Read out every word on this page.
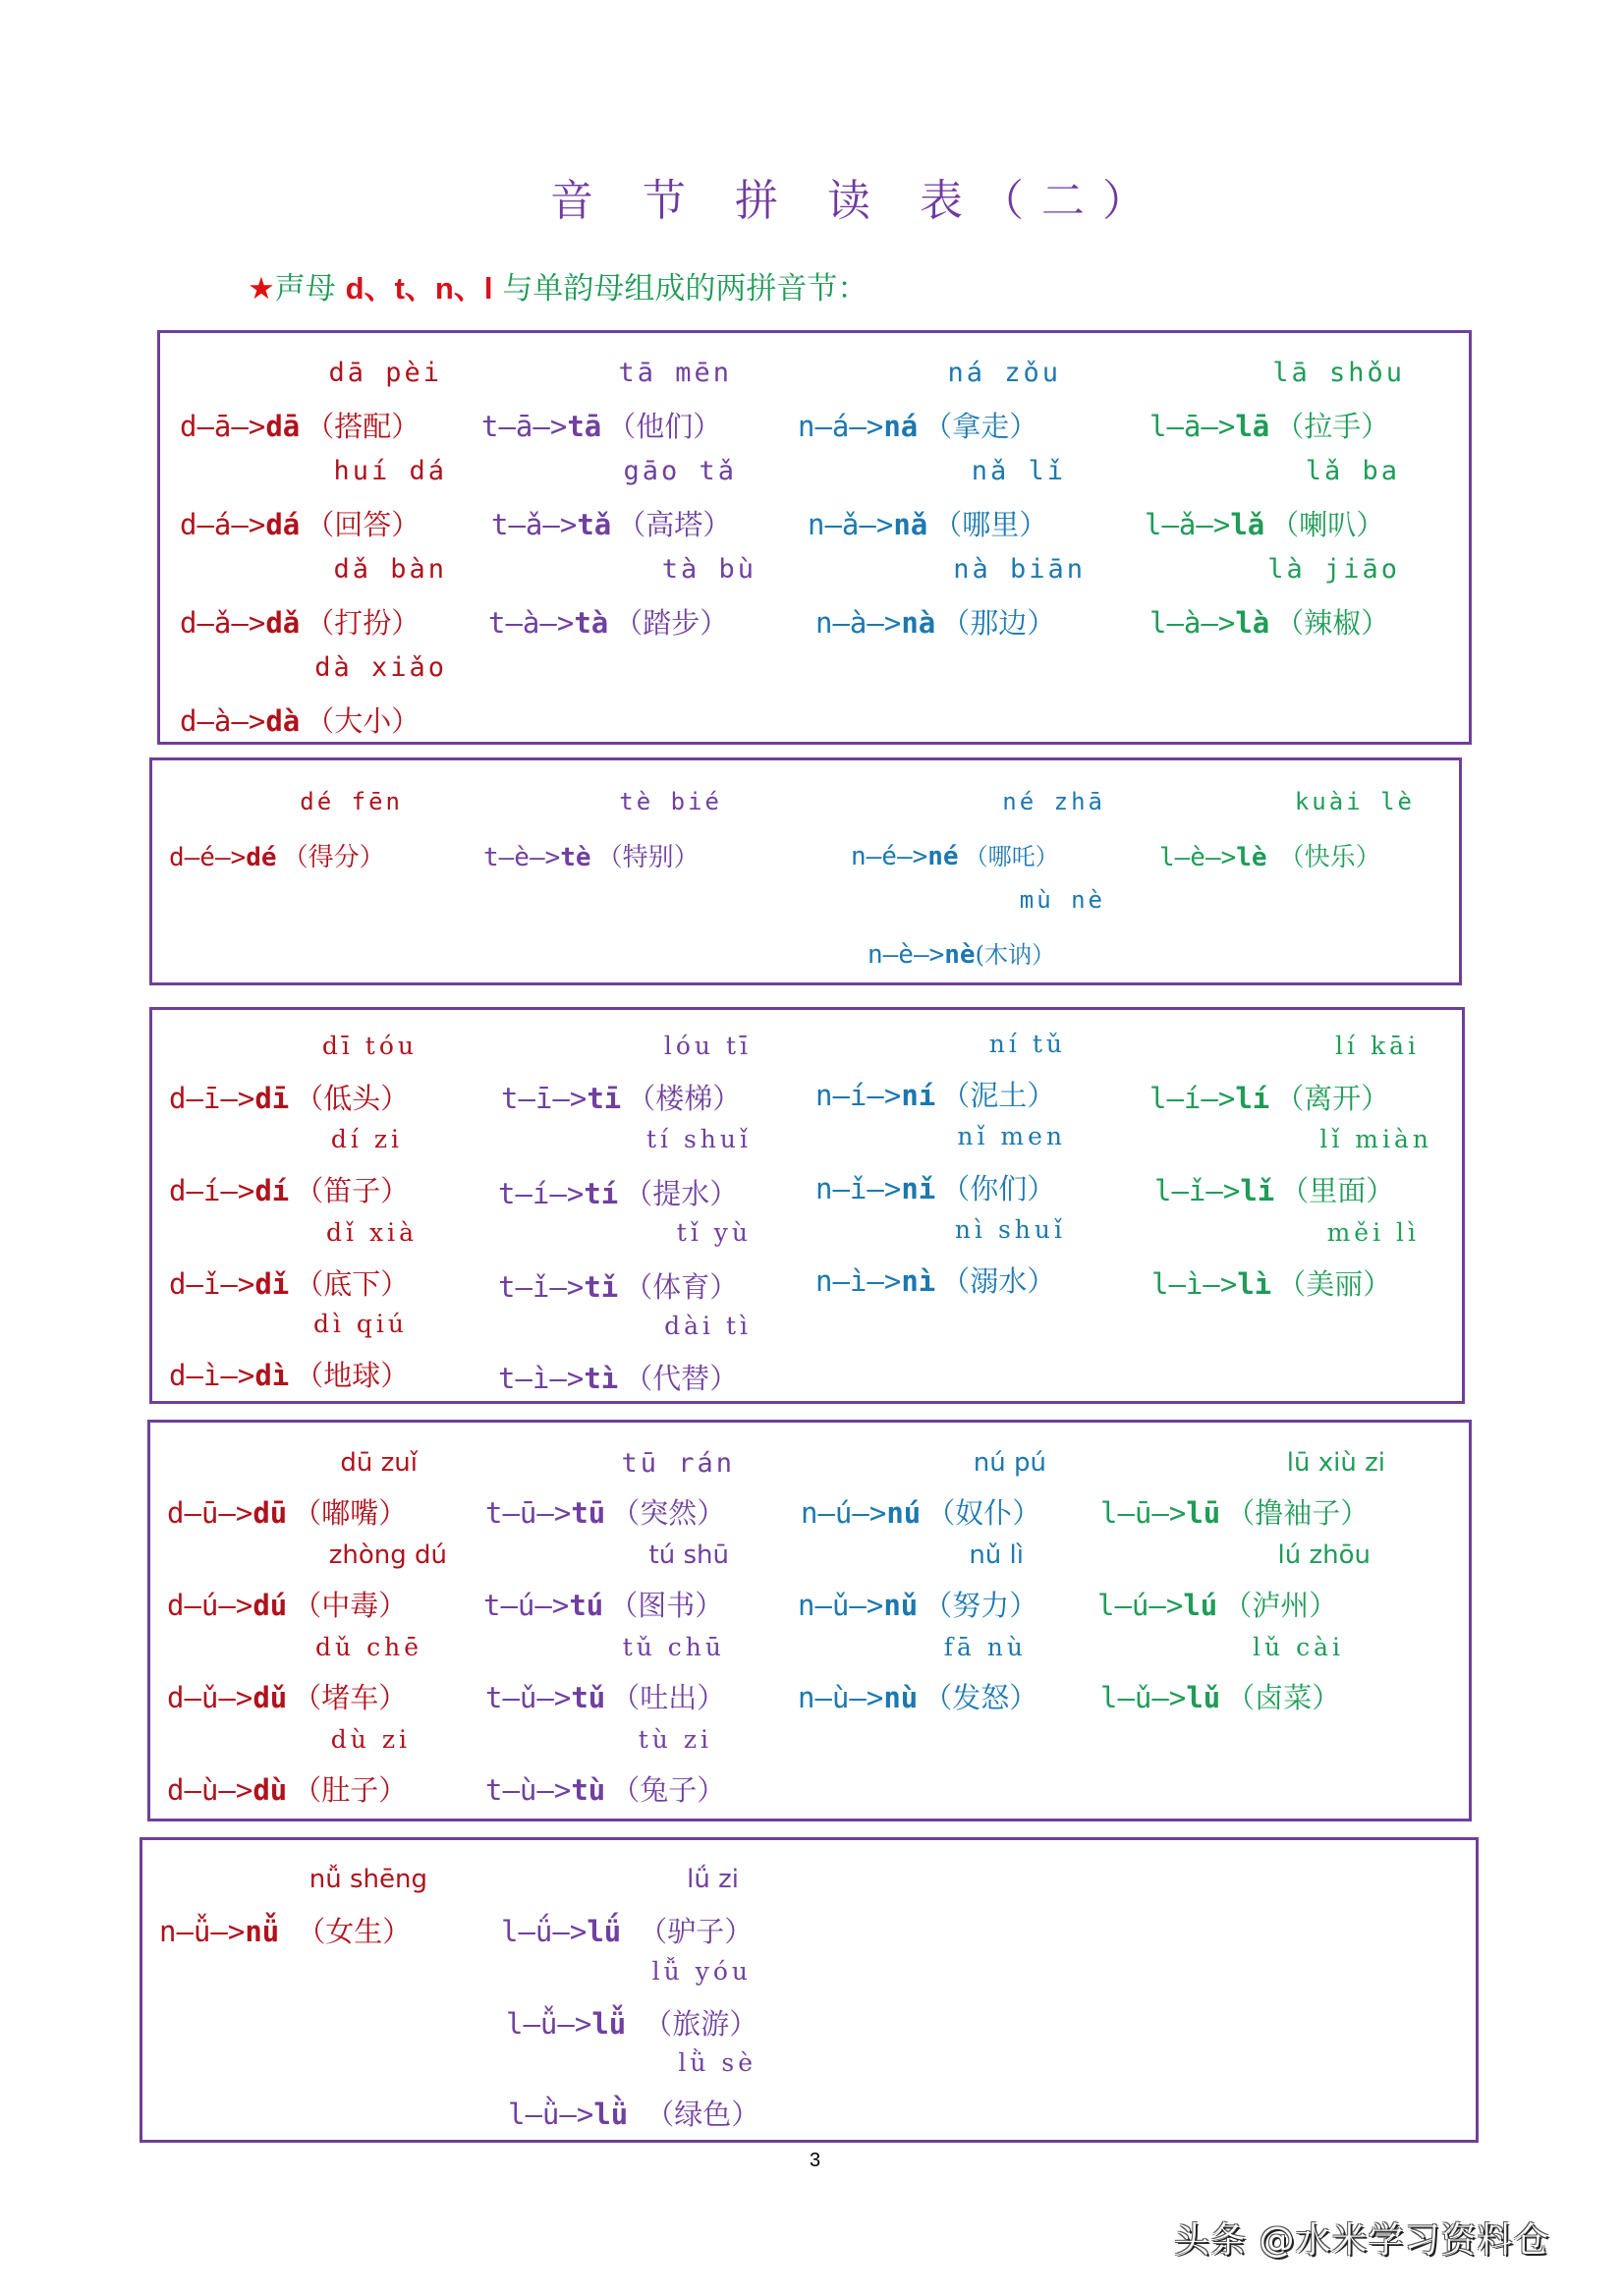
音 节 拼 读 表（二）
★声母 d、t、n、l 与单韵母组成的两拼音节：
dā pèi
d—ā—>dā （搭配）
huí dá
d—á—>dá （回答）
dǎ bàn
d—ǎ—>dǎ （打扮）
dà xiǎo
d—à—>dà （大小）
tā mēn
t—ā—>tā （他们）
gāo tǎ
t—ǎ—>tǎ （高塔）
tà bù
t—à—>tà （踏步）
ná zǒu
n—á—>ná （拿走）
nǎ lǐ
n—ǎ—>nǎ （哪里）
nà biān
n—à—>nà （那边）
lā shǒu
l—ā—>lā （拉手）
lǎ ba
l—ǎ—>lǎ （喇叭）
là jiāo
l—à—>là （辣椒）
dé fēn
d—é—>dé （得分）
tè bié
t—è—>tè （特别）
né zhā
n—é—>né （哪吒）
mù nè
n—è—>nè(木讷）
kuài lè
l—è—>lè （快乐）
dī tóu
d—ī—>dī （低头）
dí zi
d—í—>dí （笛子）
dǐ xià
d—ǐ—>dǐ （底下）
dì qiú
d—ì—>dì （地球）
lóu tī
t—ī—>tī （楼梯）
tí shuǐ
t—í—>tí （提水）
tǐ yù
t—ǐ—>tǐ （体育）
dài tì
t—ì—>tì （代替）
ní tǔ
n—í—>ní （泥土）
nǐ men
n—ǐ—>nǐ （你们）
nì shuǐ
n—ì—>nì （溺水）
lí kāi
l—í—>lí （离开）
lǐ miàn
l—ǐ—>lǐ （里面）
měi lì
l—ì—>lì （美丽）
dū zuǐ
d—ū—>dū （嘟嘴）
zhòng dú
d—ú—>dú （中毒）
dǔ chē
d—ǔ—>dǔ （堵车）
dù zi
d—ù—>dù （肚子）
tū rán
t—ū—>tū （突然）
tú shū
t—ú—>tú （图书）
tǔ chū
t—ǔ—>tǔ （吐出）
tù zi
t—ù—>tù （兔子）
nú pú
n—ú—>nú （奴仆）
nǔ lì
n—ǔ—>nǔ （努力）
fā nù
n—ù—>nù （发怒）
lū xiù zi
l—ū—>lū （撸袖子）
lú zhōu
l—ú—>lú （泸州）
lǔ cài
l—ǔ—>lǔ （卤菜）
nǚ shēng
n—ǚ—>nǚ （女生）
lǘ zi
l—ǘ—>lǘ （驴子）
lǚ yóu
l—ǚ—>lǚ （旅游）
lǜ sè
l—ǜ—>lǜ （绿色）
3
头条 @水米学习资料仓
